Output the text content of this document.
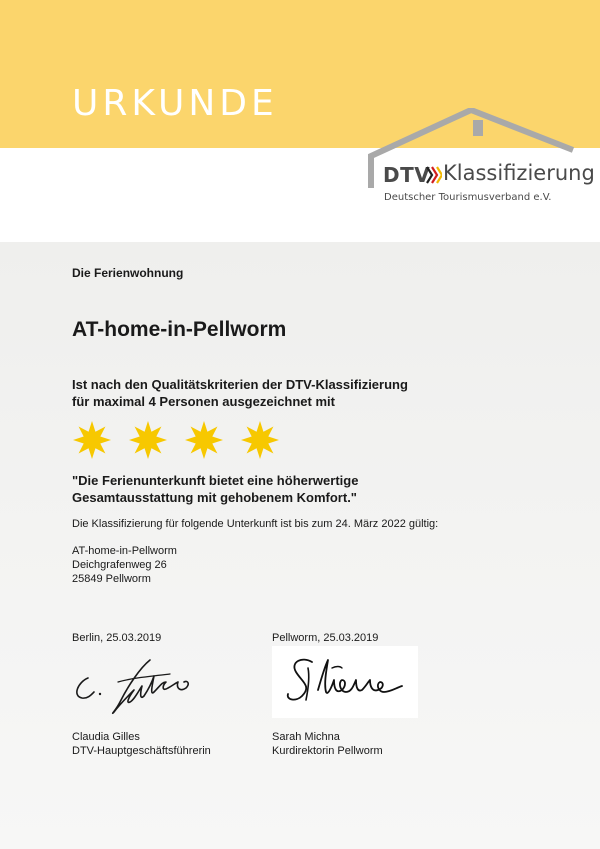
URKUNDE
DTV Klassifizierung
Deutscher Tourismusverband e.V.
Die Ferienwohnung
AT-home-in-Pellworm
Ist nach den Qualitätskriterien der DTV-Klassifizierung
für maximal 4 Personen ausgezeichnet mit
"Die Ferienunterkunft bietet eine höherwertige
Gesamtausstattung mit gehobenem Komfort."
Die Klassifizierung für folgende Unterkunft ist bis zum 24. März 2022 gültig:
AT-home-in-Pellworm
Deichgrafenweg 26
25849 Pellworm
Berlin, 25.03.2019
Claudia Gilles
DTV-Hauptgeschäftsführerin
Pellworm, 25.03.2019
Sarah Michna
Kurdirektorin Pellworm
